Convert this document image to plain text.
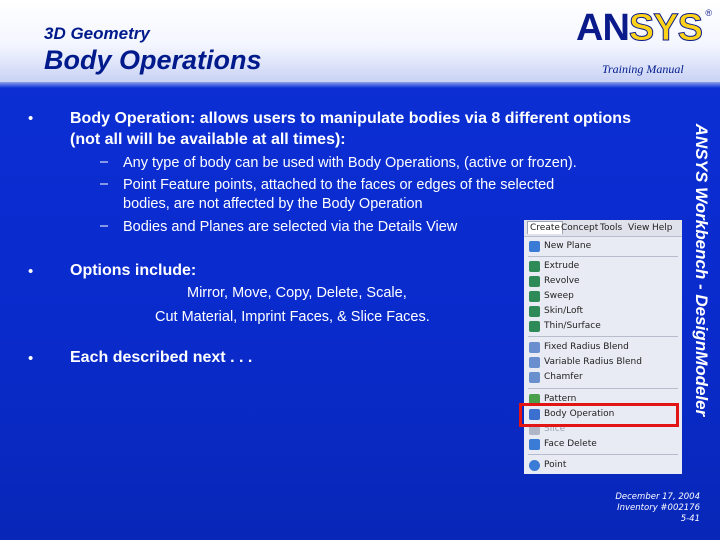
3D Geometry
Body Operations	Training Manual
ANSYS ®
ANSYS Workbench - DesignModeler
• Body Operation: allows users to manipulate bodies via 8 different options (not all will be available at all times):
– Any type of body can be used with Body Operations, (active or frozen).
– Point Feature points, attached to the faces or edges of the selected
bodies, are not affected by the Body Operation
– Bodies and Planes are selected via the Details View
• Options include:
Mirror, Move, Copy, Delete, Scale,
Cut Material, Imprint Faces, & Slice Faces.
• Each described next . . .
Create Concept Tools View Help
New Plane
Extrude
Revolve
Sweep
Skin/Loft
Thin/Surface
Fixed Radius Blend
Variable Radius Blend
Chamfer
Pattern
Body Operation
Slice
Face Delete
Point
December 17, 2004
Inventory #002176
5-41
